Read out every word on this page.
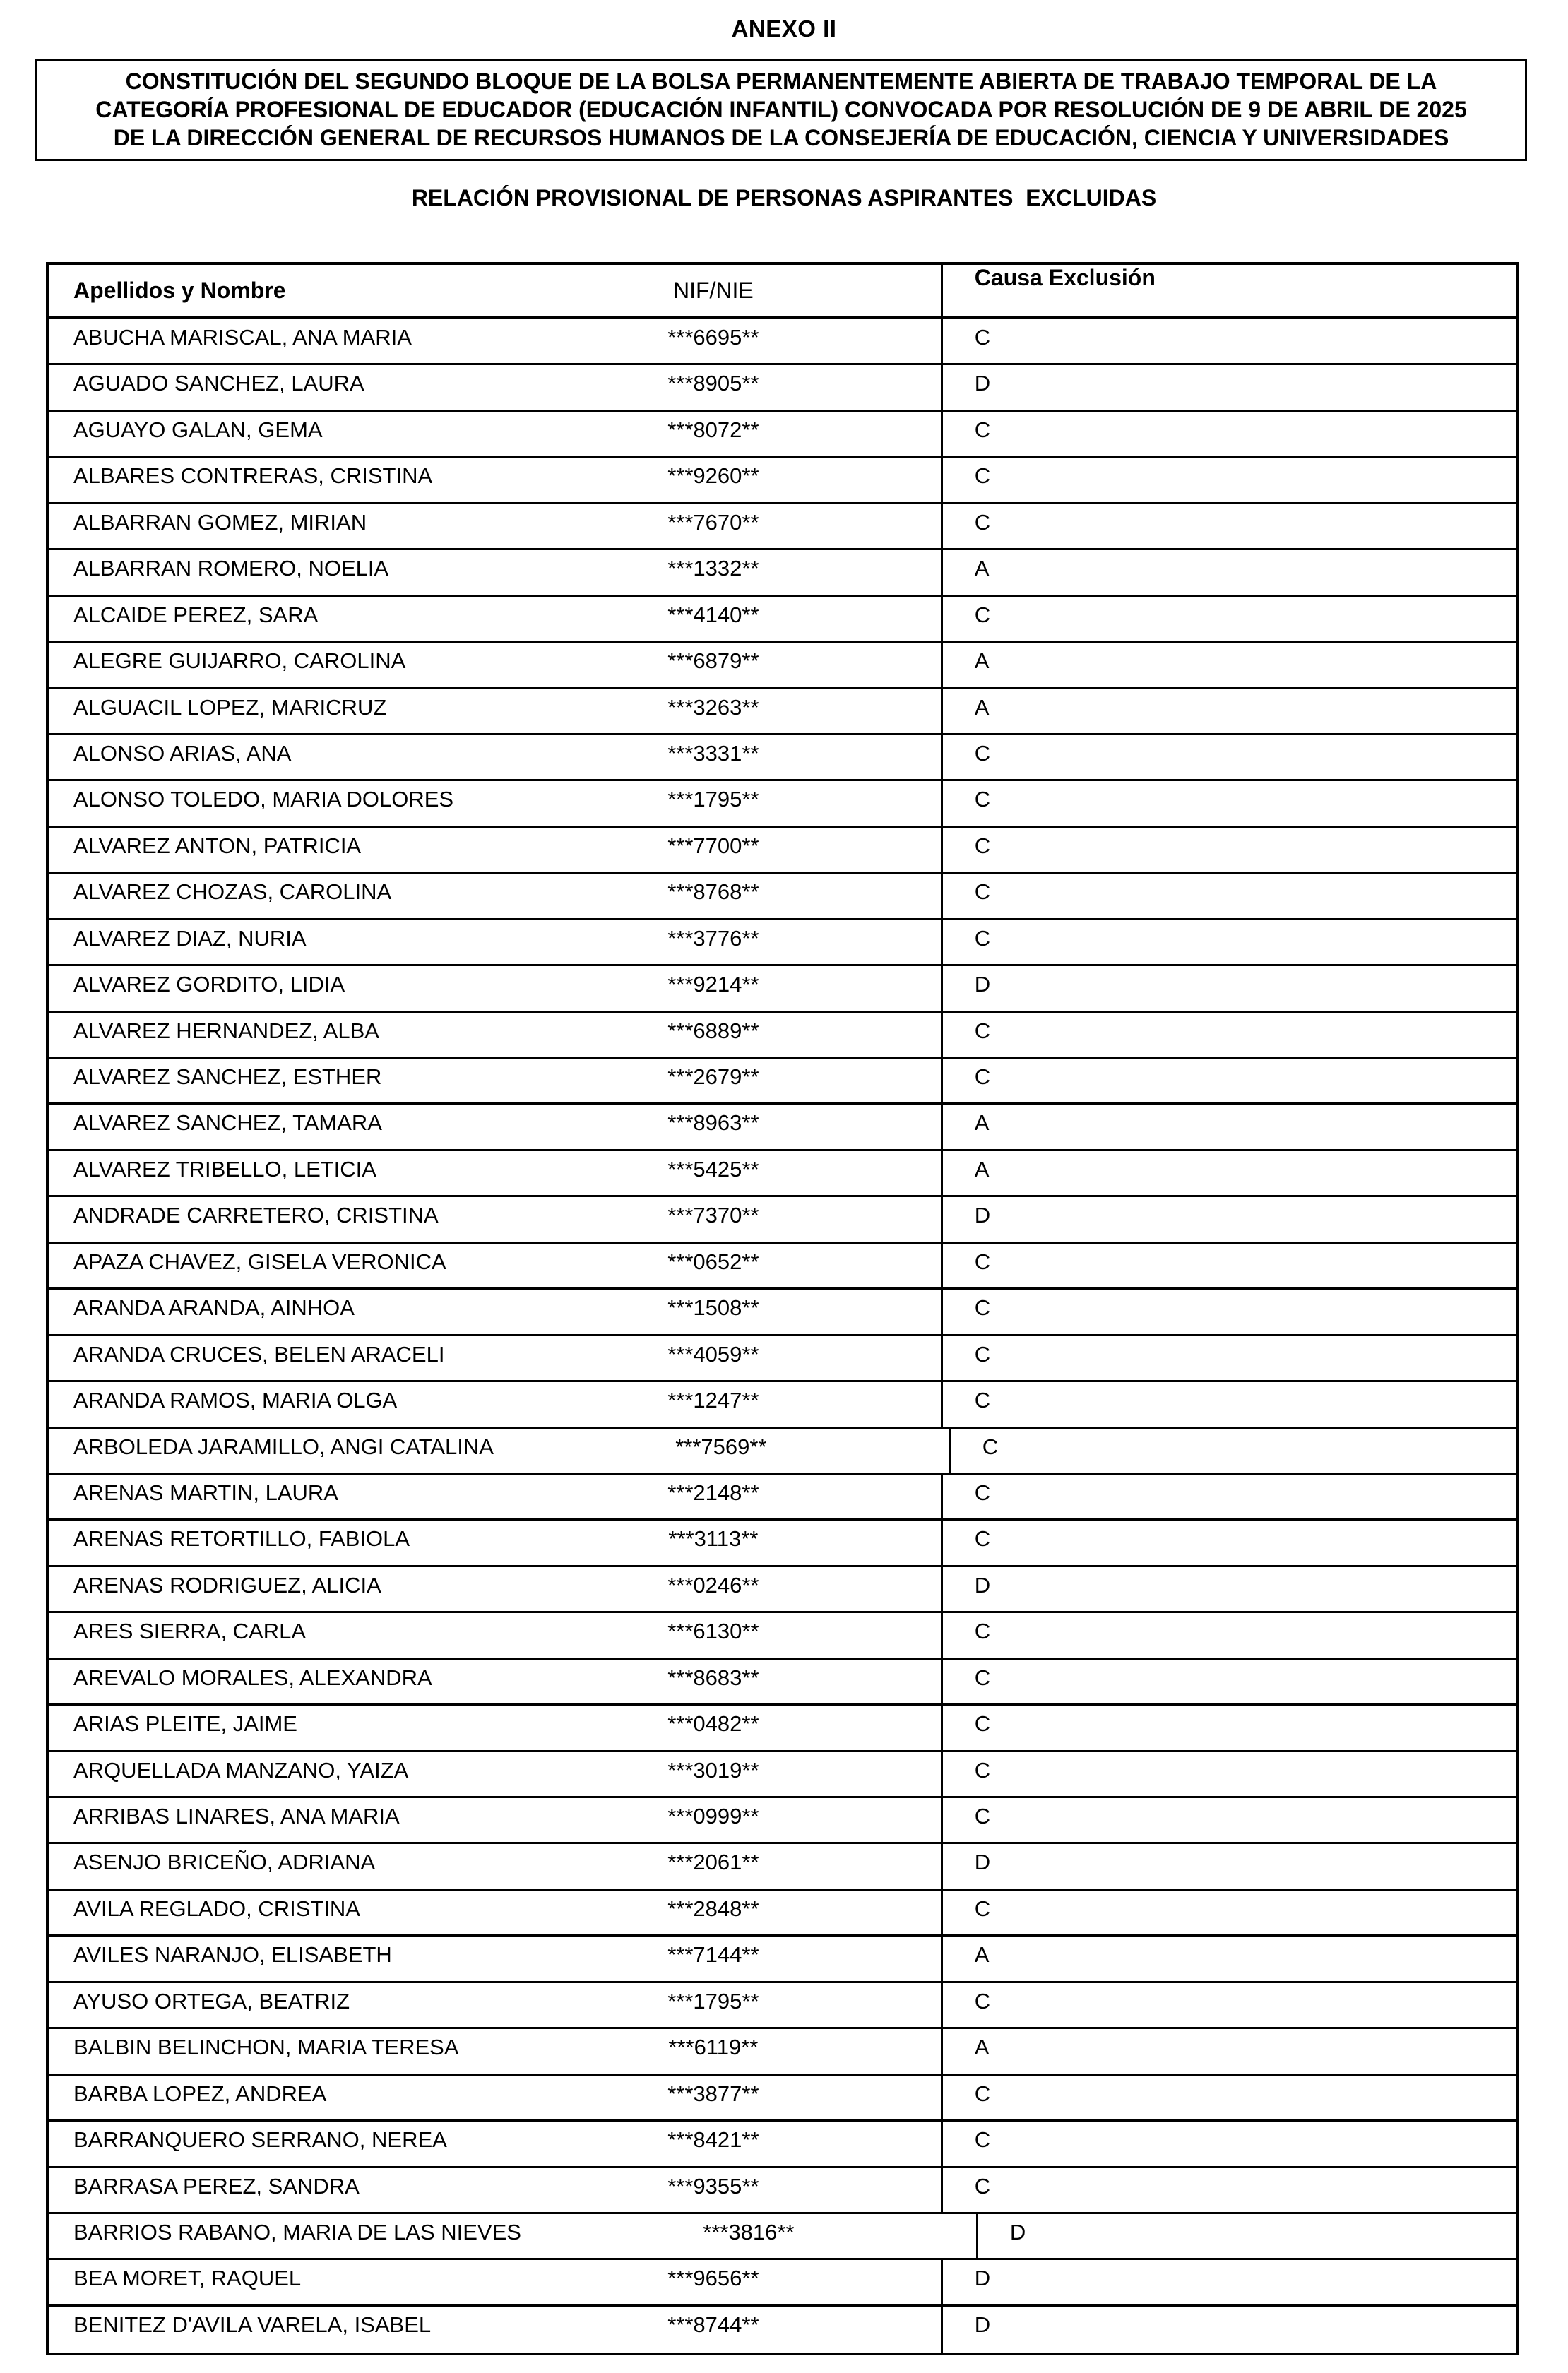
ANEXO II
CONSTITUCIÓN DEL SEGUNDO BLOQUE DE LA BOLSA PERMANENTEMENTE ABIERTA DE TRABAJO TEMPORAL DE LA
CATEGORÍA PROFESIONAL DE EDUCADOR (EDUCACIÓN INFANTIL) CONVOCADA POR RESOLUCIÓN DE 9 DE ABRIL DE 2025
DE LA DIRECCIÓN GENERAL DE RECURSOS HUMANOS DE LA CONSEJERÍA DE EDUCACIÓN, CIENCIA Y UNIVERSIDADES
RELACIÓN PROVISIONAL DE PERSONAS ASPIRANTES  EXCLUIDAS
Apellidos y Nombre	NIF/NIE	Causa Exclusión
ABUCHA MARISCAL, ANA MARIA	***6695**	C
AGUADO SANCHEZ, LAURA	***8905**	D
AGUAYO GALAN, GEMA	***8072**	C
ALBARES CONTRERAS, CRISTINA	***9260**	C
ALBARRAN GOMEZ, MIRIAN	***7670**	C
ALBARRAN ROMERO, NOELIA	***1332**	A
ALCAIDE PEREZ, SARA	***4140**	C
ALEGRE GUIJARRO, CAROLINA	***6879**	A
ALGUACIL LOPEZ, MARICRUZ	***3263**	A
ALONSO ARIAS, ANA	***3331**	C
ALONSO TOLEDO, MARIA DOLORES	***1795**	C
ALVAREZ ANTON, PATRICIA	***7700**	C
ALVAREZ CHOZAS, CAROLINA	***8768**	C
ALVAREZ DIAZ, NURIA	***3776**	C
ALVAREZ GORDITO, LIDIA	***9214**	D
ALVAREZ HERNANDEZ, ALBA	***6889**	C
ALVAREZ SANCHEZ, ESTHER	***2679**	C
ALVAREZ SANCHEZ, TAMARA	***8963**	A
ALVAREZ TRIBELLO, LETICIA	***5425**	A
ANDRADE CARRETERO, CRISTINA	***7370**	D
APAZA CHAVEZ, GISELA VERONICA	***0652**	C
ARANDA ARANDA, AINHOA	***1508**	C
ARANDA CRUCES, BELEN ARACELI	***4059**	C
ARANDA RAMOS, MARIA OLGA	***1247**	C
ARBOLEDA JARAMILLO, ANGI CATALINA	***7569**	C
ARENAS MARTIN, LAURA	***2148**	C
ARENAS RETORTILLO, FABIOLA	***3113**	C
ARENAS RODRIGUEZ, ALICIA	***0246**	D
ARES SIERRA, CARLA	***6130**	C
AREVALO MORALES, ALEXANDRA	***8683**	C
ARIAS PLEITE, JAIME	***0482**	C
ARQUELLADA MANZANO, YAIZA	***3019**	C
ARRIBAS LINARES, ANA MARIA	***0999**	C
ASENJO BRICEÑO, ADRIANA	***2061**	D
AVILA REGLADO, CRISTINA	***2848**	C
AVILES NARANJO, ELISABETH	***7144**	A
AYUSO ORTEGA, BEATRIZ	***1795**	C
BALBIN BELINCHON, MARIA TERESA	***6119**	A
BARBA LOPEZ, ANDREA	***3877**	C
BARRANQUERO SERRANO, NEREA	***8421**	C
BARRASA PEREZ, SANDRA	***9355**	C
BARRIOS RABANO, MARIA DE LAS NIEVES	***3816**	D
BEA MORET, RAQUEL	***9656**	D
BENITEZ D'AVILA VARELA, ISABEL	***8744**	D
